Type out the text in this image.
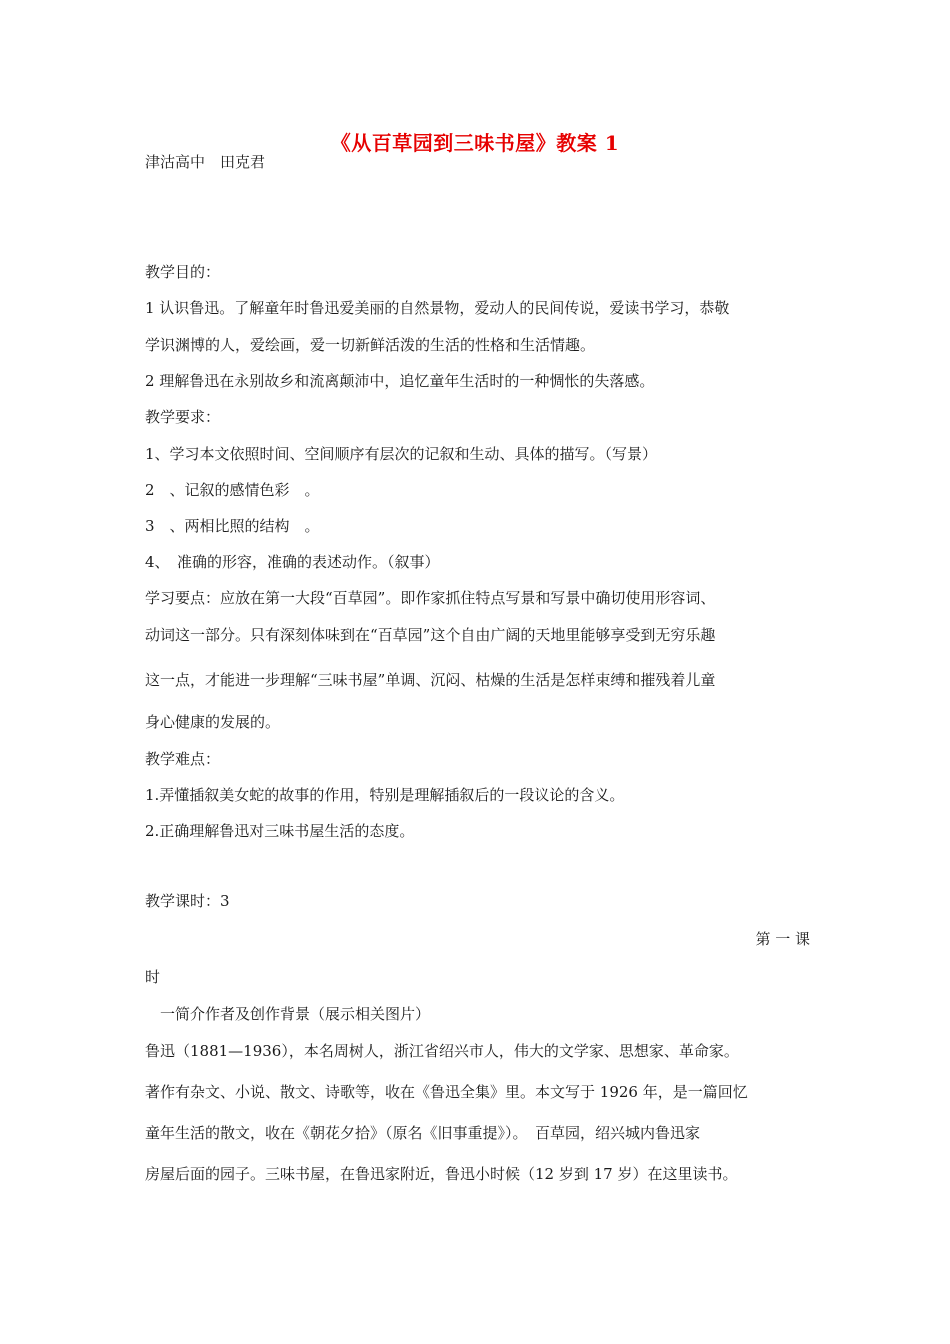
《从百草园到三味书屋》教案 1
津沽高中　田克君
教学目的：
1 认识鲁迅。了解童年时鲁迅爱美丽的自然景物，爱动人的民间传说，爱读书学习，恭敬
学识渊博的人，爱绘画，爱一切新鲜活泼的生活的性格和生活情趣。
2 理解鲁迅在永别故乡和流离颠沛中，追忆童年生活时的一种惆怅的失落感。
教学要求：
1、学习本文依照时间、空间顺序有层次的记叙和生动、具体的描写。（写景）
2　、记叙的感情色彩　。
3　、两相比照的结构　。
4、　准确的形容，准确的表述动作。（叙事）
学习要点：应放在第一大段“百草园”。即作家抓住特点写景和写景中确切使用形容词、
动词这一部分。只有深刻体味到在“百草园”这个自由广阔的天地里能够享受到无穷乐趣
这一点，才能进一步理解“三味书屋”单调、沉闷、枯燥的生活是怎样束缚和摧残着儿童
身心健康的发展的。
教学难点：
1.弄懂插叙美女蛇的故事的作用，特别是理解插叙后的一段议论的含义。
2.正确理解鲁迅对三味书屋生活的态度。
教学课时：3
第 一 课
时
　一简介作者及创作背景（展示相关图片）
鲁迅（1881—1936），本名周树人，浙江省绍兴市人，伟大的文学家、思想家、革命家。
著作有杂文、小说、散文、诗歌等，收在《鲁迅全集》里。本文写于 1926 年，是一篇回忆
童年生活的散文，收在《朝花夕拾》（原名《旧事重提》）。　百草园，绍兴城内鲁迅家
房屋后面的园子。三味书屋，在鲁迅家附近，鲁迅小时候（12 岁到 17 岁）在这里读书。
